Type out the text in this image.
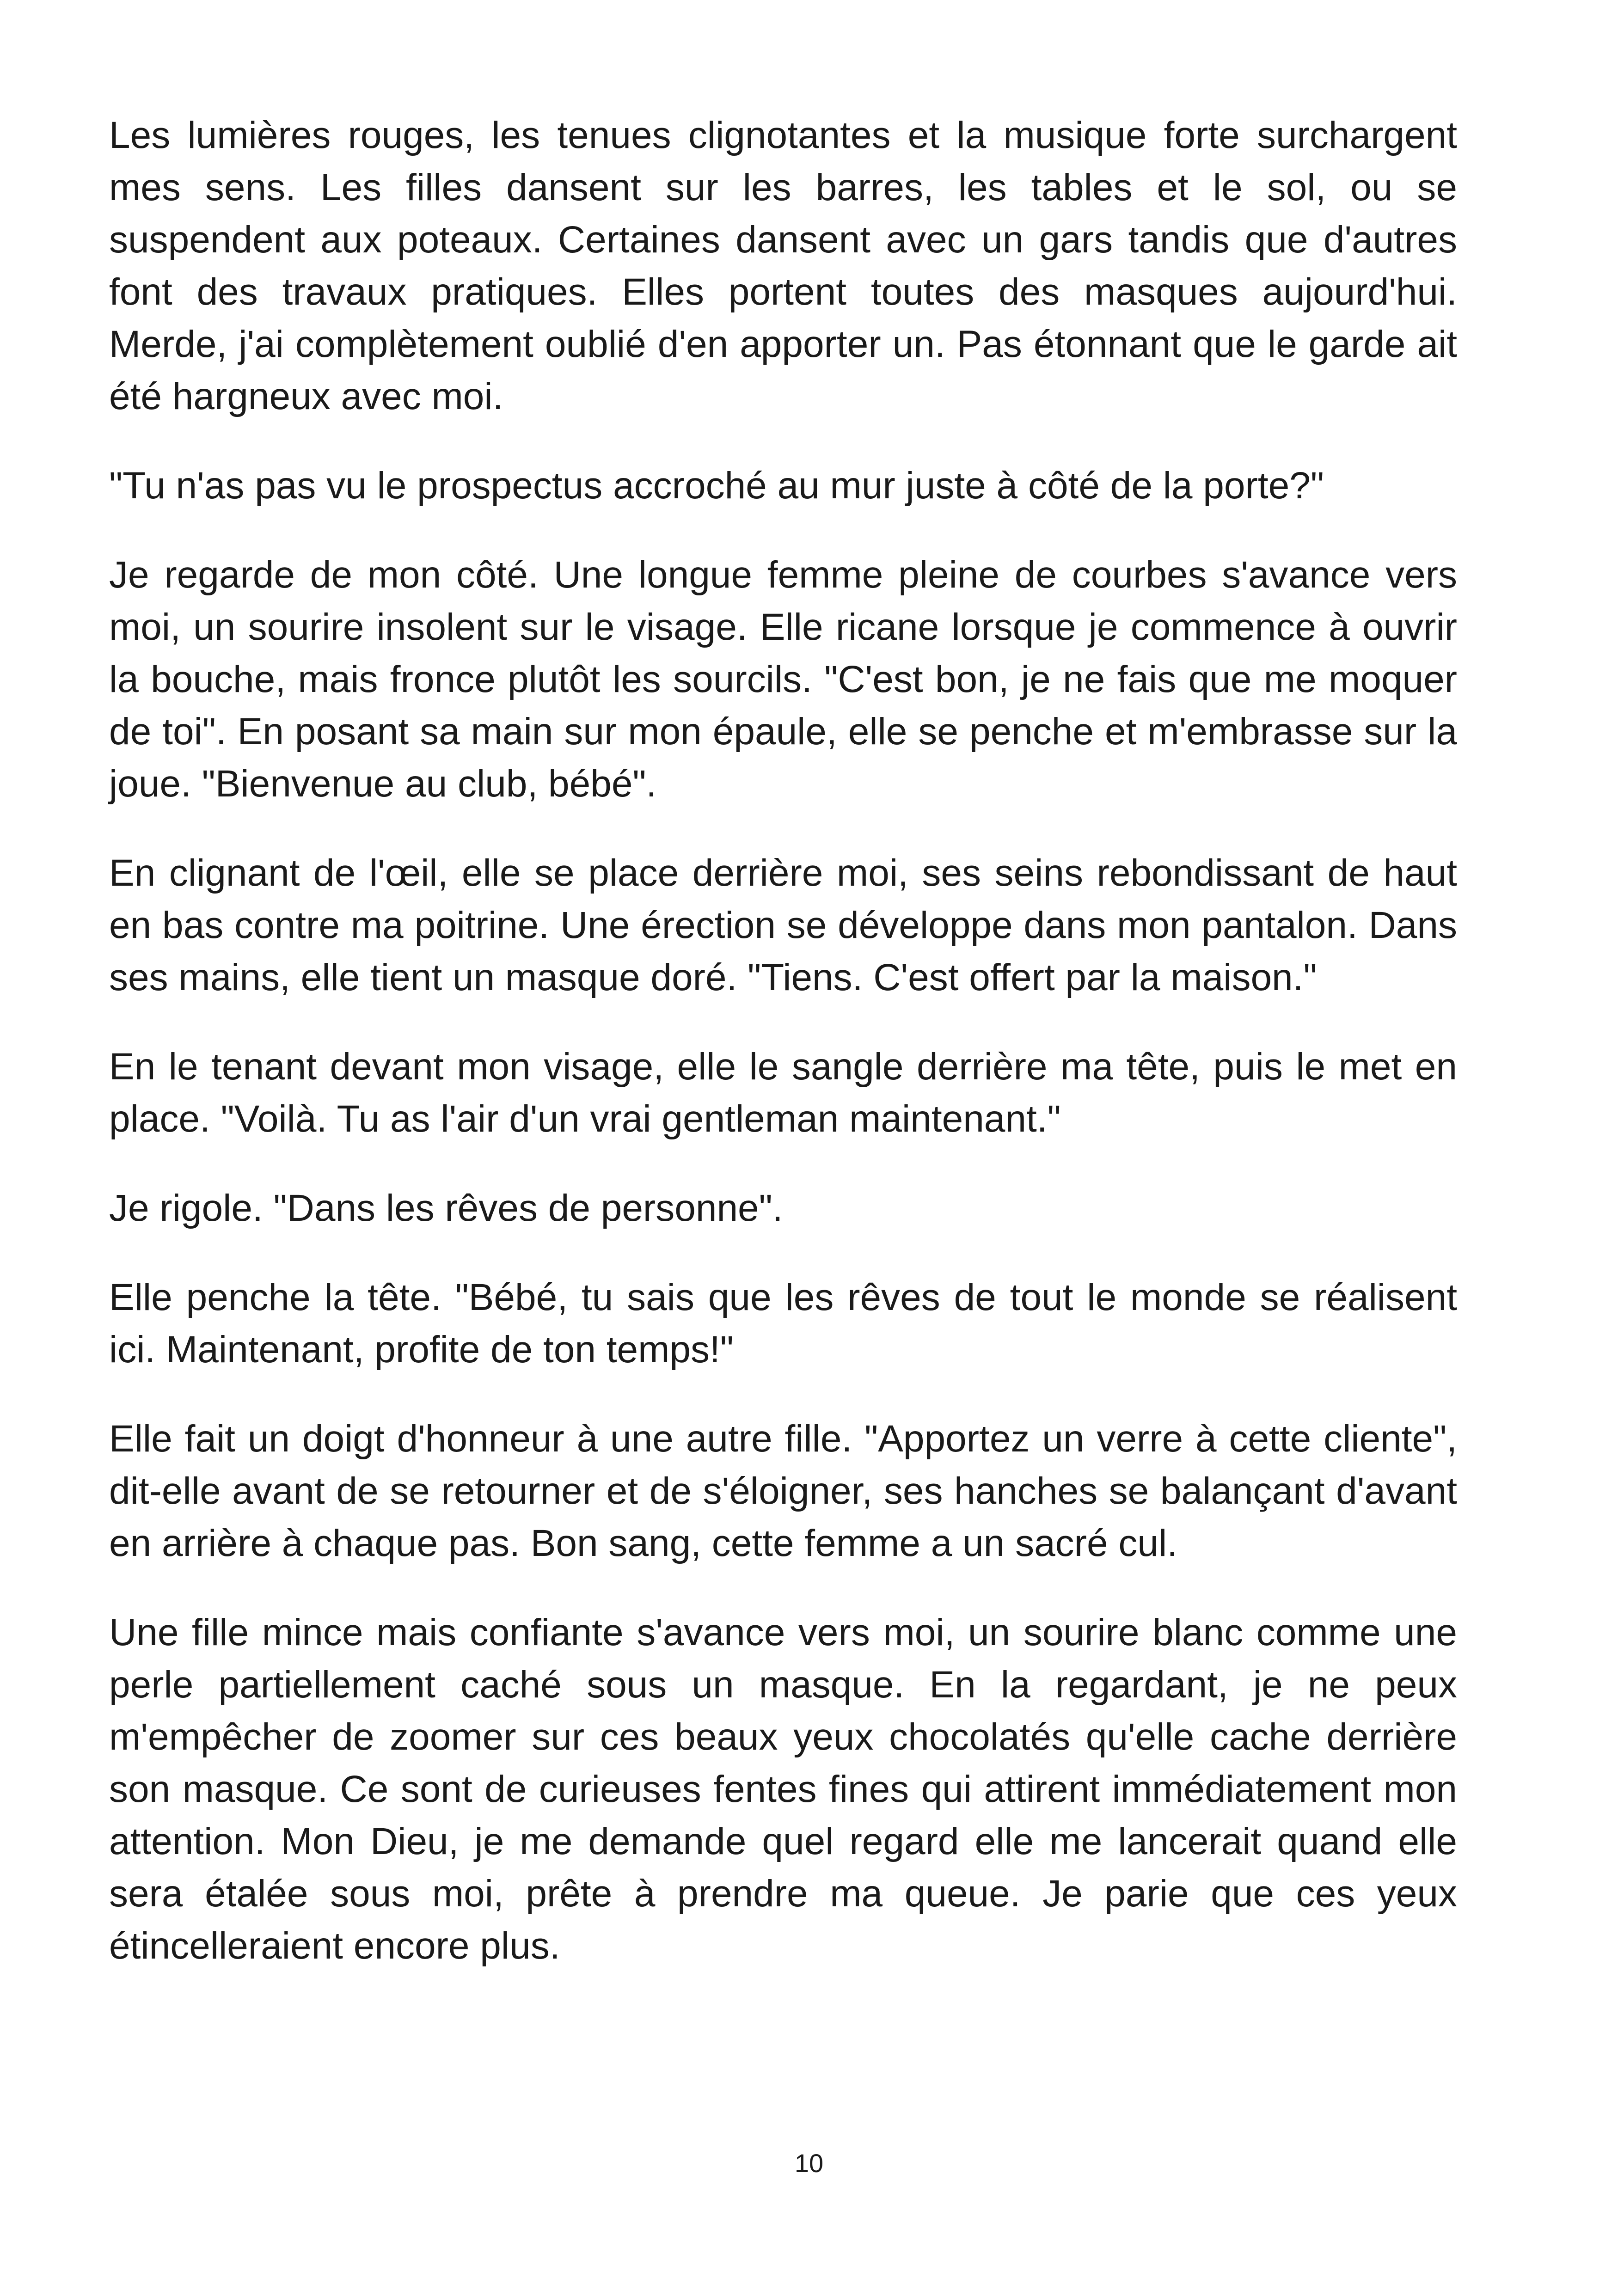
Les lumières rouges, les tenues clignotantes et la musique forte surchargent mes sens. Les filles dansent sur les barres, les tables et le sol, ou se suspendent aux poteaux. Certaines dansent avec un gars tandis que d'autres font des travaux pratiques. Elles portent toutes des masques aujourd'hui. Merde, j'ai complètement oublié d'en apporter un. Pas étonnant que le garde ait été hargneux avec moi.

"Tu n'as pas vu le prospectus accroché au mur juste à côté de la porte?"

Je regarde de mon côté. Une longue femme pleine de courbes s'avance vers moi, un sourire insolent sur le visage. Elle ricane lorsque je commence à ouvrir la bouche, mais fronce plutôt les sourcils. "C'est bon, je ne fais que me moquer de toi". En posant sa main sur mon épaule, elle se penche et m'embrasse sur la joue. "Bienvenue au club, bébé".

En clignant de l'œil, elle se place derrière moi, ses seins rebondissant de haut en bas contre ma poitrine. Une érection se développe dans mon pantalon. Dans ses mains, elle tient un masque doré. "Tiens. C'est offert par la maison."

En le tenant devant mon visage, elle le sangle derrière ma tête, puis le met en place. "Voilà. Tu as l'air d'un vrai gentleman maintenant."

Je rigole. "Dans les rêves de personne".

Elle penche la tête. "Bébé, tu sais que les rêves de tout le monde se réalisent ici. Maintenant, profite de ton temps!"

Elle fait un doigt d'honneur à une autre fille. "Apportez un verre à cette cliente", dit-elle avant de se retourner et de s'éloigner, ses hanches se balançant d'avant en arrière à chaque pas. Bon sang, cette femme a un sacré cul.

Une fille mince mais confiante s'avance vers moi, un sourire blanc comme une perle partiellement caché sous un masque. En la regardant, je ne peux m'empêcher de zoomer sur ces beaux yeux chocolatés qu'elle cache derrière son masque. Ce sont de curieuses fentes fines qui attirent immédiatement mon attention. Mon Dieu, je me demande quel regard elle me lancerait quand elle sera étalée sous moi, prête à prendre ma queue. Je parie que ces yeux étincelleraient encore plus.

10
